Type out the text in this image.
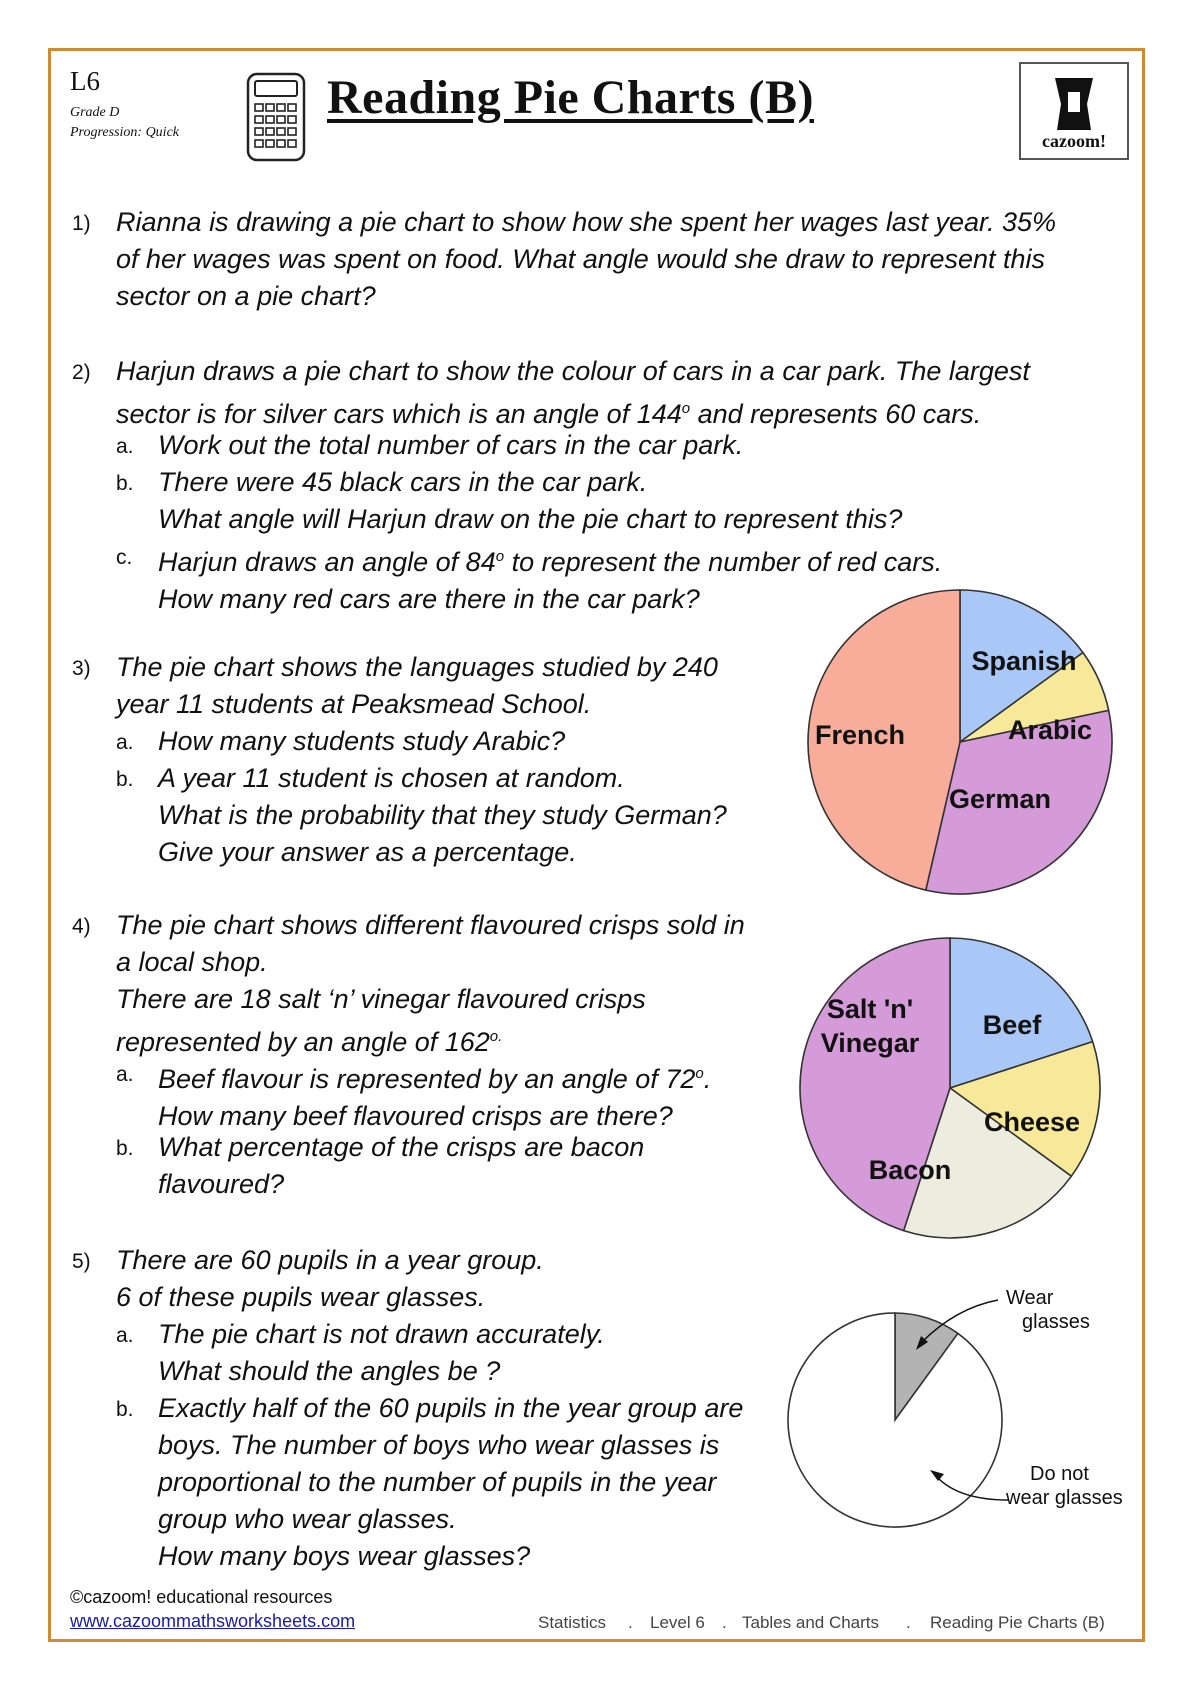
L6
Grade D
Progression: Quick
Reading Pie Charts (B)
cazoom!
1) Rianna is drawing a pie chart to show how she spent her wages last year. 35%
of her wages was spent on food. What angle would she draw to represent this
sector on a pie chart?
2) Harjun draws a pie chart to show the colour of cars in a car park. The largest
sector is for silver cars which is an angle of 144$^o$ and represents 60 cars.
a. Work out the total number of cars in the car park.
b. There were 45 black cars in the car park.
What angle will Harjun draw on the pie chart to represent this?
c. Harjun draws an angle of 84$^o$ to represent the number of red cars.
How many red cars are there in the car park?
3) The pie chart shows the languages studied by 240
year 11 students at Peaksmead School.
a. How many students study Arabic?
b. A year 11 student is chosen at random.
What is the probability that they study German?
Give your answer as a percentage.
4) The pie chart shows different flavoured crisps sold in
a local shop.
There are 18 salt ‘n’ vinegar flavoured crisps
represented by an angle of $162^{o.}$
a. Beef flavour is represented by an angle of 72$^o$.
How many beef flavoured crisps are there?
b. What percentage of the crisps are bacon
flavoured?
5) There are 60 pupils in a year group.
6 of these pupils wear glasses.
a. The pie chart is not drawn accurately.
What should the angles be ?
b. Exactly half of the 60 pupils in the year group are
boys. The number of boys who wear glasses is
proportional to the number of pupils in the year
group who wear glasses.
How many boys wear glasses?
Spanish
Arabic
German
French
Beef
Cheese
Bacon
Salt 'n'
Vinegar
Wear
glasses
Do not
wear glasses
©cazoom! educational resources
www.cazoommathsworksheets.com	Statistics . Level 6 . Tables and Charts . Reading Pie Charts (B)
